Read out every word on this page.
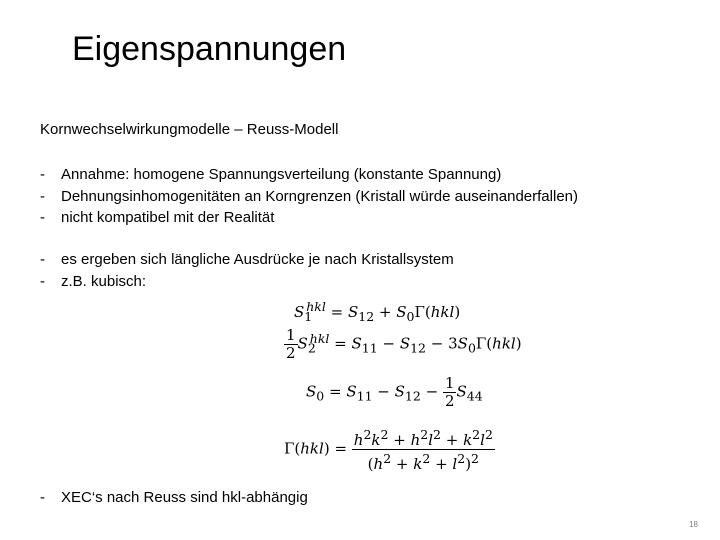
Eigenspannungen
Kornwechselwirkungmodelle – Reuss-Modell
- Annahme: homogene Spannungsverteilung (konstante Spannung)
- Dehnungsinhomogenitäten an Korngrenzen (Kristall würde auseinanderfallen)
- nicht kompatibel mit der Realität
- es ergeben sich längliche Ausdrücke je nach Kristallsystem
- z.B. kubisch:
$S_1^{hkl} = S_{12} + S_0\Gamma(hkl)$
$\frac{1}{2} S_2^{hkl} = S_{11} - S_{12} - 3S_0\Gamma(hkl)$
$S_0 = S_{11} - S_{12} - \frac{1}{2} S_{44}$
$\Gamma(hkl) = \frac{h^2k^2 + h^2l^2 + k^2l^2}{(h^2 + k^2 + l^2)^2}$
- XEC‘s nach Reuss sind hkl-abhängig
18
